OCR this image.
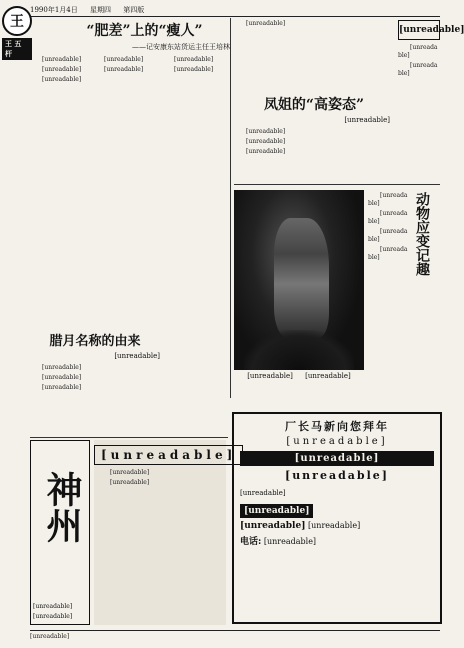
1990年1月4日 星期四 第四版
王
王 五 杆
“肥差”上的“瘦人”
——记安康东站货运主任王培林

[unreadable]

[unreadable]

[unreadable]

[unreadable]

[unreadable]

[unreadable]

[unreadable]

腊月名称的由来
[unreadable]

[unreadable]

[unreadable]

[unreadable]

神州
[unreadable]
[unreadable]
[unreadable]

[unreadable]

[unreadable]

[unreadable]

凤姐的“高姿态”
[unreadable]

[unreadable]

[unreadable]

[unreadable]

[unreadable]

[unreadable]

[unreadable]

[unreadable] [unreadable]
动物应变记趣

[unreadable]

[unreadable]

[unreadable]

[unreadable]

厂长马新向您拜年
[unreadable]
[unreadable]
[unreadable]
[unreadable]
[unreadable]
[unreadable] [unreadable]
电话: [unreadable]
[unreadable]
